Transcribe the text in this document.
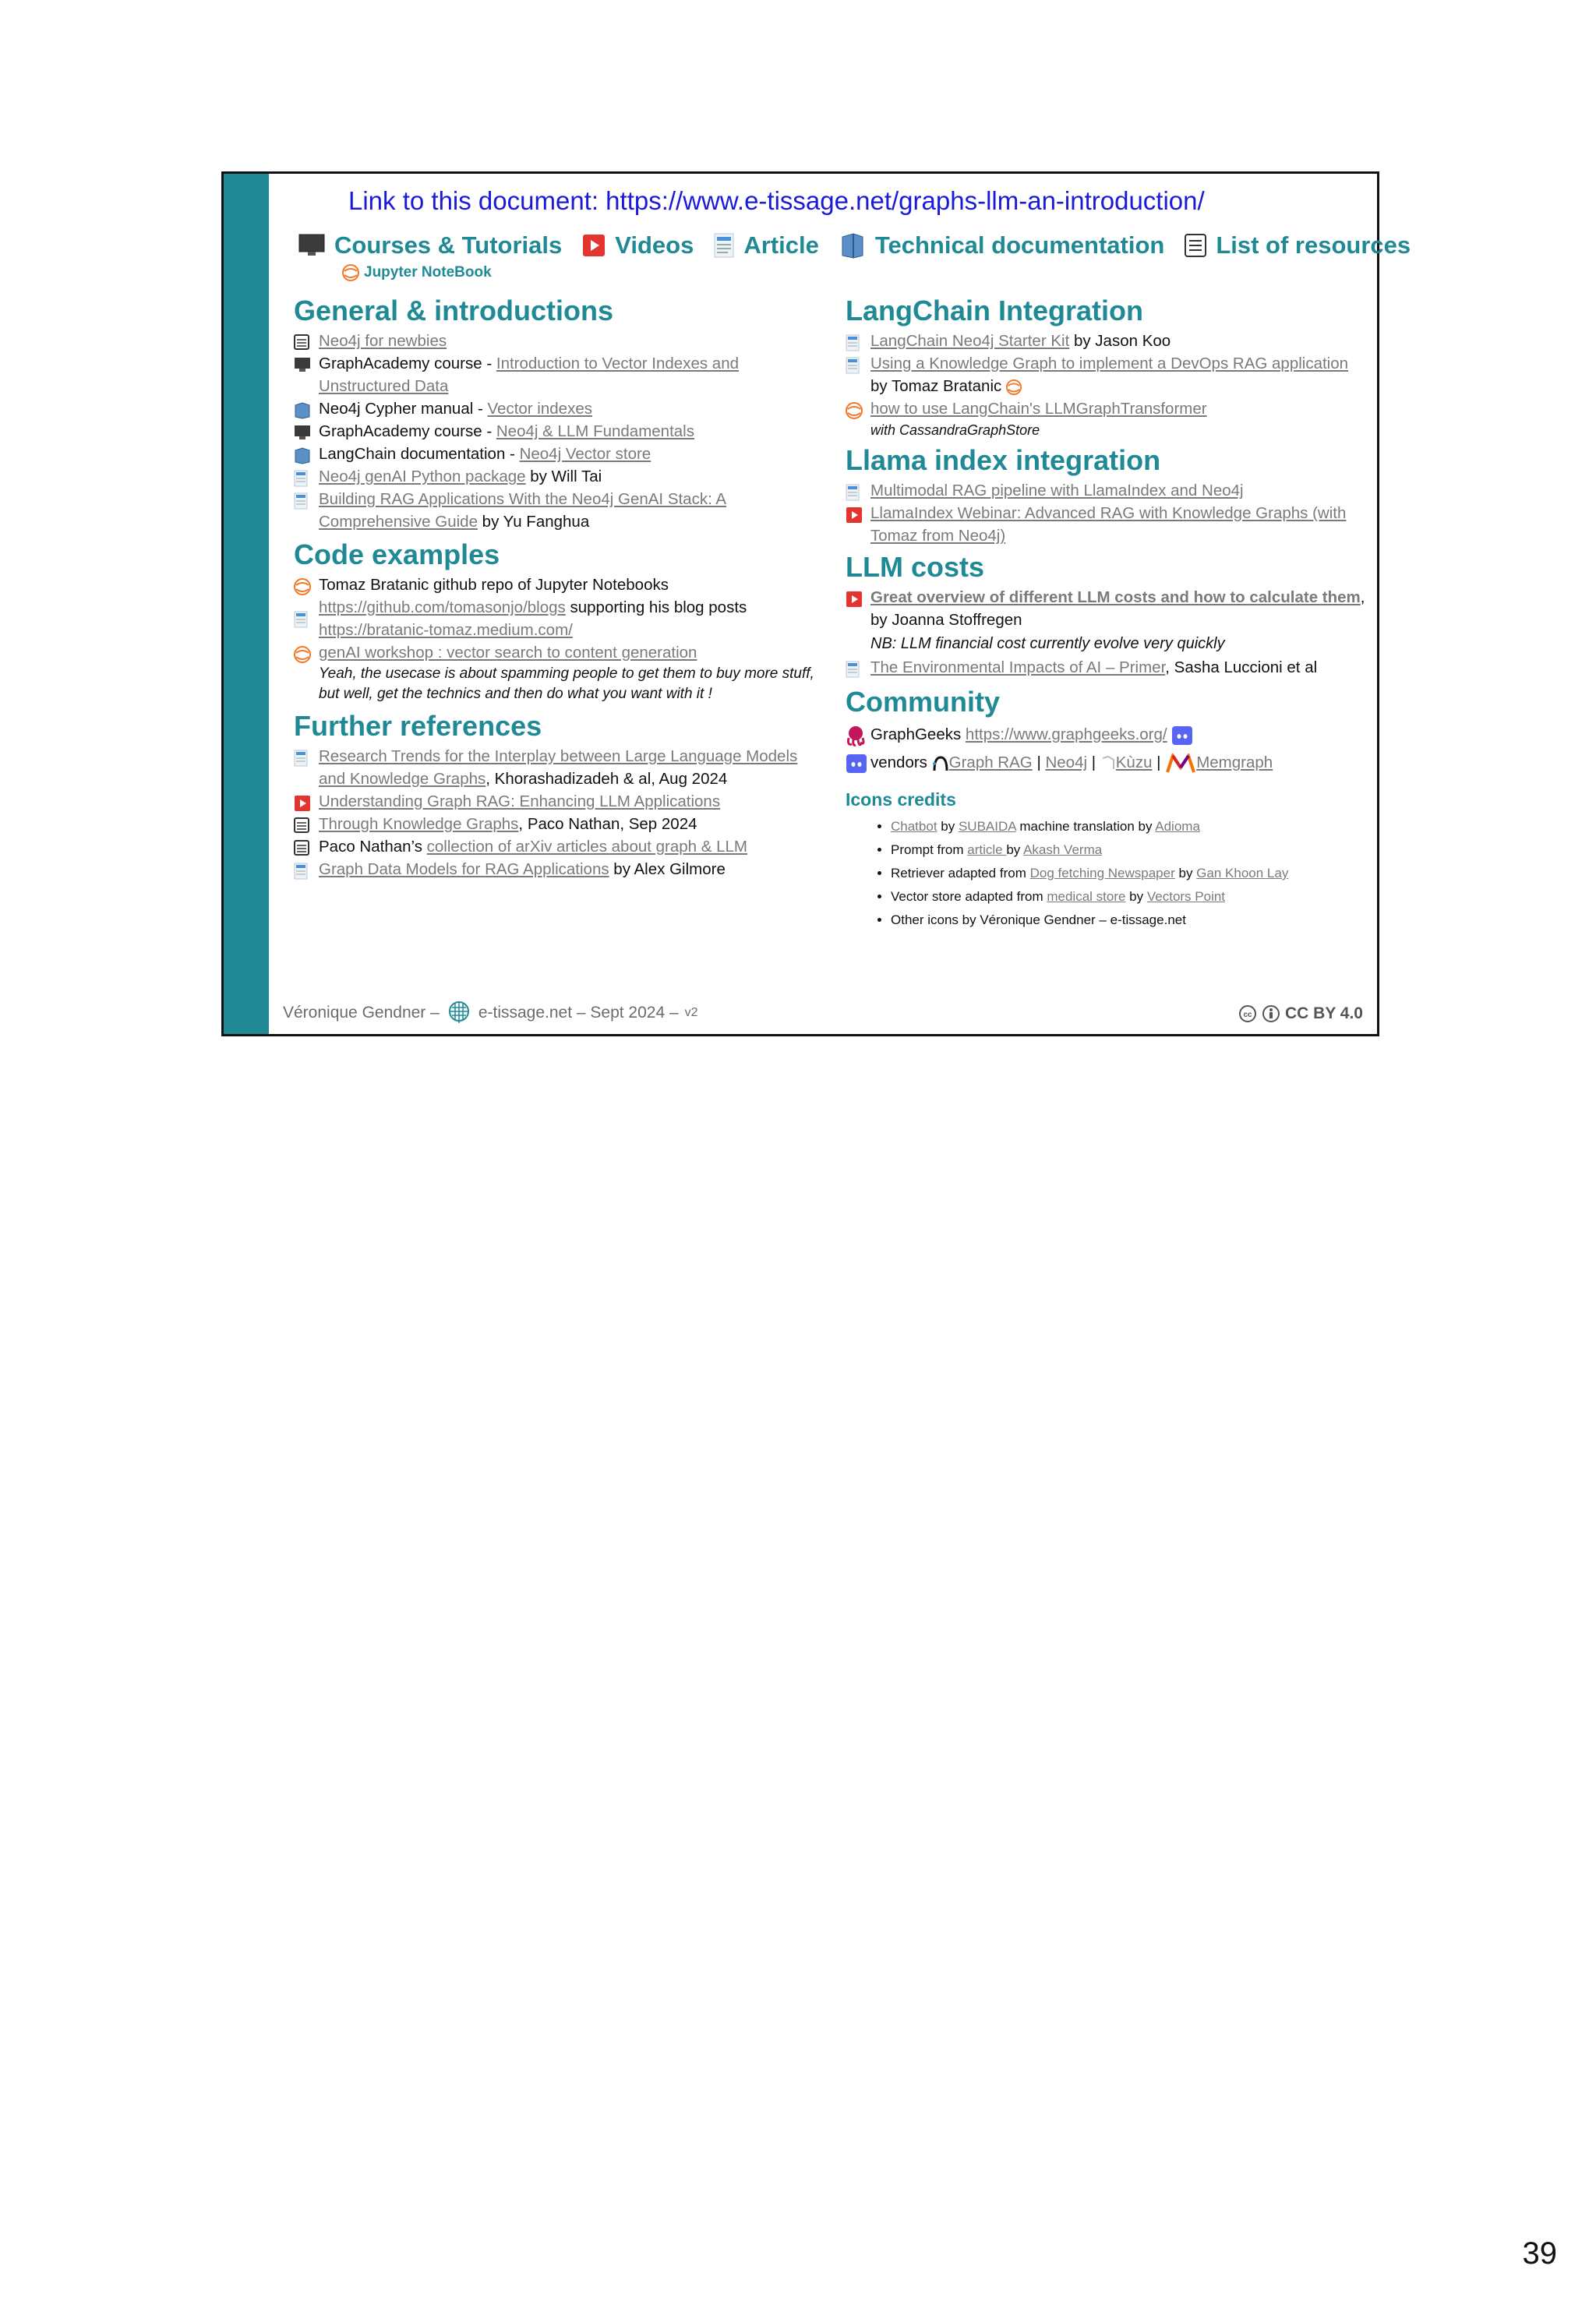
Link to this document: https://www.e-tissage.net/graphs-llm-an-introduction/
Courses & Tutorials Videos Article Technical documentation List of resources
Jupyter NoteBook
General & introductions
Neo4j for newbies
GraphAcademy course - Introduction to Vector Indexes and Unstructured Data
Neo4j Cypher manual - Vector indexes
GraphAcademy course - Neo4j & LLM Fundamentals
LangChain documentation - Neo4j Vector store
Neo4j genAI Python package by Will Tai
Building RAG Applications With the Neo4j GenAI Stack: A Comprehensive Guide by Yu Fanghua
Code examples
Tomaz Bratanic github repo of Jupyter Notebooks
https://github.com/tomasonjo/blogs supporting his blog posts https://bratanic-tomaz.medium.com/
genAI workshop : vector search to content generation
Yeah, the usecase is about spamming people to get them to buy more stuff, but well, get the technics and then do what you want with it !
Further references
Research Trends for the Interplay between Large Language Models and Knowledge Graphs, Khorashadizadeh & al, Aug 2024
Understanding Graph RAG: Enhancing LLM Applications
Through Knowledge Graphs, Paco Nathan, Sep 2024
Paco Nathan’s collection of arXiv articles about graph & LLM
Graph Data Models for RAG Applications by Alex Gilmore
LangChain Integration
LangChain Neo4j Starter Kit by Jason Koo
Using a Knowledge Graph to implement a DevOps RAG application by Tomaz Bratanic
how to use LangChain's LLMGraphTransformer
with CassandraGraphStore
Llama index integration
Multimodal RAG pipeline with LlamaIndex and Neo4j
LlamaIndex Webinar: Advanced RAG with Knowledge Graphs (with Tomaz from Neo4j)
LLM costs
Great overview of different LLM costs and how to calculate them, by Joanna Stoffregen
NB: LLM financial cost currently evolve very quickly
The Environmental Impacts of AI – Primer, Sasha Luccioni et al
Community
GraphGeeks https://www.graphgeeks.org/
vendors Graph RAG | Neo4j | Kùzu | Memgraph
Icons credits
• Chatbot by SUBAIDA machine translation by Adioma
• Prompt from article by Akash Verma
• Retriever adapted from Dog fetching Newspaper by Gan Khoon Lay
• Vector store adapted from medical store by Vectors Point
• Other icons by Véronique Gendner – e-tissage.net
Véronique Gendner – e-tissage.net – Sept 2024 – v2	cc CC BY 4.0
39
